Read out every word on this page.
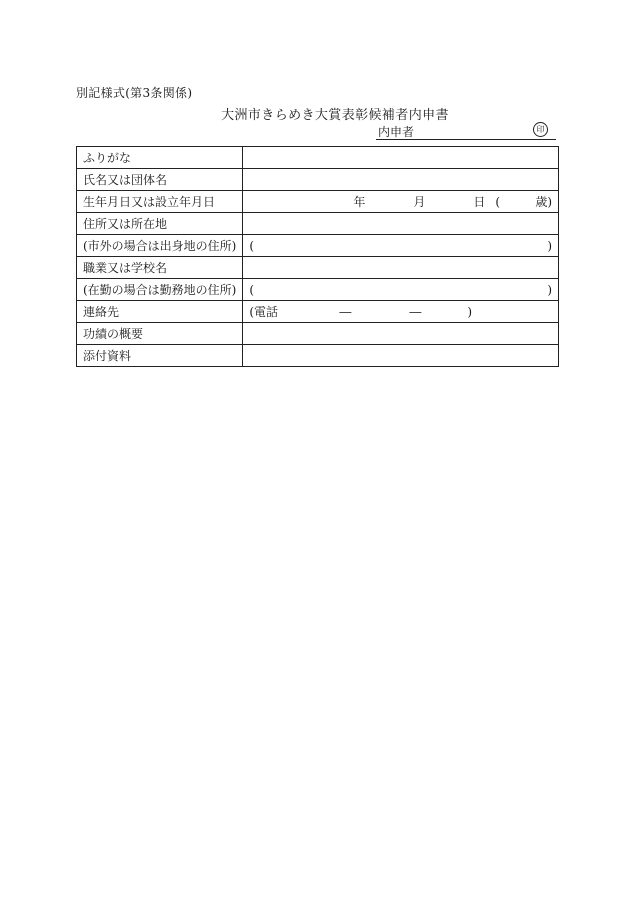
別記様式(第3条関係)
大洲市きらめき大賞表彰候補者内申書
内申者	印
ふりがな	
氏名又は団体名	
生年月日又は設立年月日	年 月 日 ( 歳)

住所又は所在地	
(市外の場合は出身地の住所)	( )

職業又は学校名	
(在勤の場合は勤務地の住所)	( )

連絡先	(電話 ― ― )

功績の概要	
添付資料	
